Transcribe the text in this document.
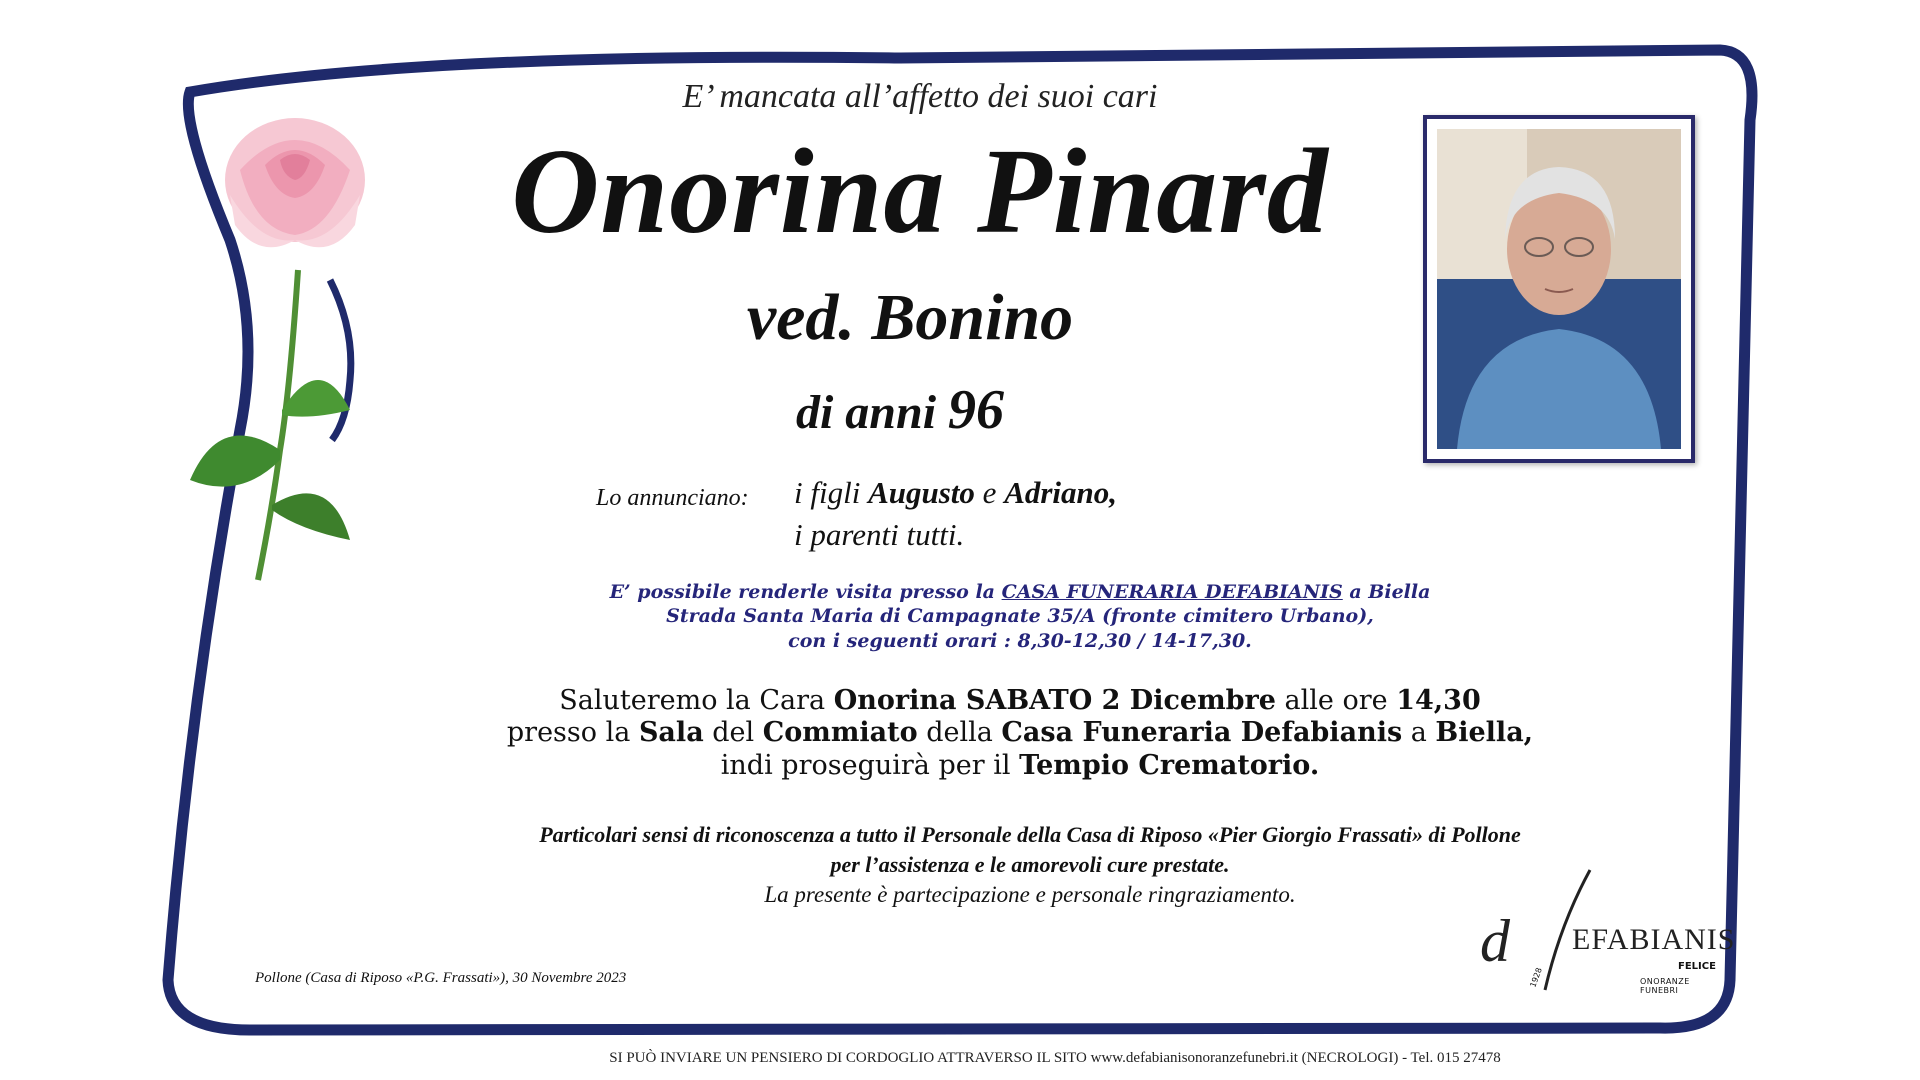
E’ mancata all’affetto dei suoi cari
Onorina Pinard
ved. Bonino
di anni 96
Lo annunciano:	i figli Augusto e Adriano,
i parenti tutti.
E’ possibile renderle visita presso la CASA FUNERARIA DEFABIANIS a Biella
Strada Santa Maria di Campagnate 35/A (fronte cimitero Urbano),
con i seguenti orari : 8,30-12,30 / 14-17,30.
Saluteremo la Cara Onorina SABATO 2 Dicembre alle ore 14,30
presso la Sala del Commiato della Casa Funeraria Defabianis a Biella,
indi proseguirà per il Tempio Crematorio.
Particolari sensi di riconoscenza a tutto il Personale della Casa di Riposo «Pier Giorgio Frassati» di Pollone
per l’assistenza e le amorevoli cure prestate.
La presente è partecipazione e personale ringraziamento.
Pollone (Casa di Riposo «P.G. Frassati»), 30 Novembre 2023
d EFABIANIS
FELICE
ONORANZE FUNEBRI
1928
SI PUÒ INVIARE UN PENSIERO DI CORDOGLIO ATTRAVERSO IL SITO www.defabianisonoranzefunebri.it (NECROLOGI) - Tel. 015 27478
